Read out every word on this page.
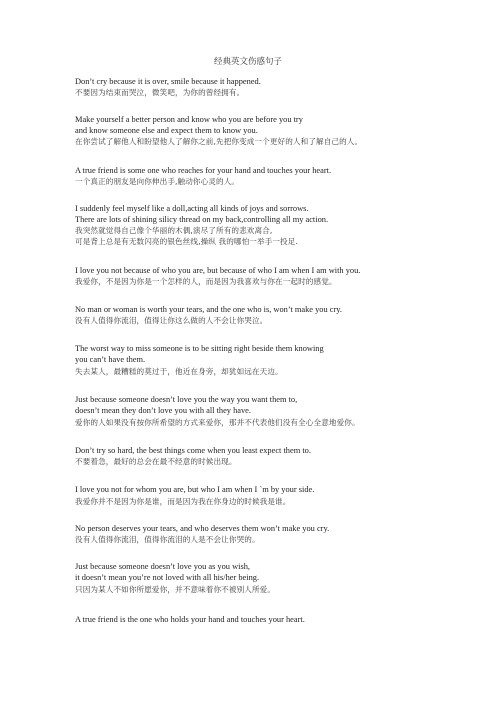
经典英文伤感句子
Don’t cry because it is over, smile because it happened.
不要因为结束而哭泣，微笑吧，为你的曾经拥有。
Make yourself a better person and know who you are before you try
and know someone else and expect them to know you.
在你尝试了解他人和盼望他人了解你之前,先把你变成一个更好的人和了解自己的人。
A true friend is some one who reaches for your hand and touches your heart.
一个真正的朋友是向你伸出手,触动你心灵的人。
I suddenly feel myself like a doll,acting all kinds of joys and sorrows.
There are lots of shining silicy thread on my back,controlling all my action.
我突然就觉得自己像个华丽的木偶,演尽了所有的悲欢离合,
可是背上总是有无数闪亮的银色丝线,操纵 我的哪怕一举手一投足.
I love you not because of who you are, but because of who I am when I am with you.
我爱你，不是因为你是一个怎样的人，而是因为我喜欢与你在一起时的感觉。
No man or woman is worth your tears, and the one who is, won’t make you cry.
没有人值得你流泪，值得让你这么做的人不会让你哭泣。
The worst way to miss someone is to be sitting right beside them knowing
you can’t have them.
失去某人，最糟糕的莫过于，他近在身旁，却犹如远在天边。
Just because someone doesn’t love you the way you want them to,
doesn’t mean they don’t love you with all they have.
爱你的人如果没有按你所希望的方式来爱你，那并不代表他们没有全心全意地爱你。
Don’t try so hard, the best things come when you least expect them to.
不要着急，最好的总会在最不经意的时候出现。
I love you not for whom you are, but who I am when I `m by your side.
我爱你并不是因为你是谁，而是因为我在你身边的时候我是谁。
No person deserves your tears, and who deserves them won’t make you cry.
没有人值得你流泪，值得你流泪的人是不会让你哭的。
Just because someone doesn’t love you as you wish,
it doesn’t mean you’re not loved with all his/her being.
只因为某人不如你所愿爱你，并不意味着你不被别人所爱。
A true friend is the one who holds your hand and touches your heart.
